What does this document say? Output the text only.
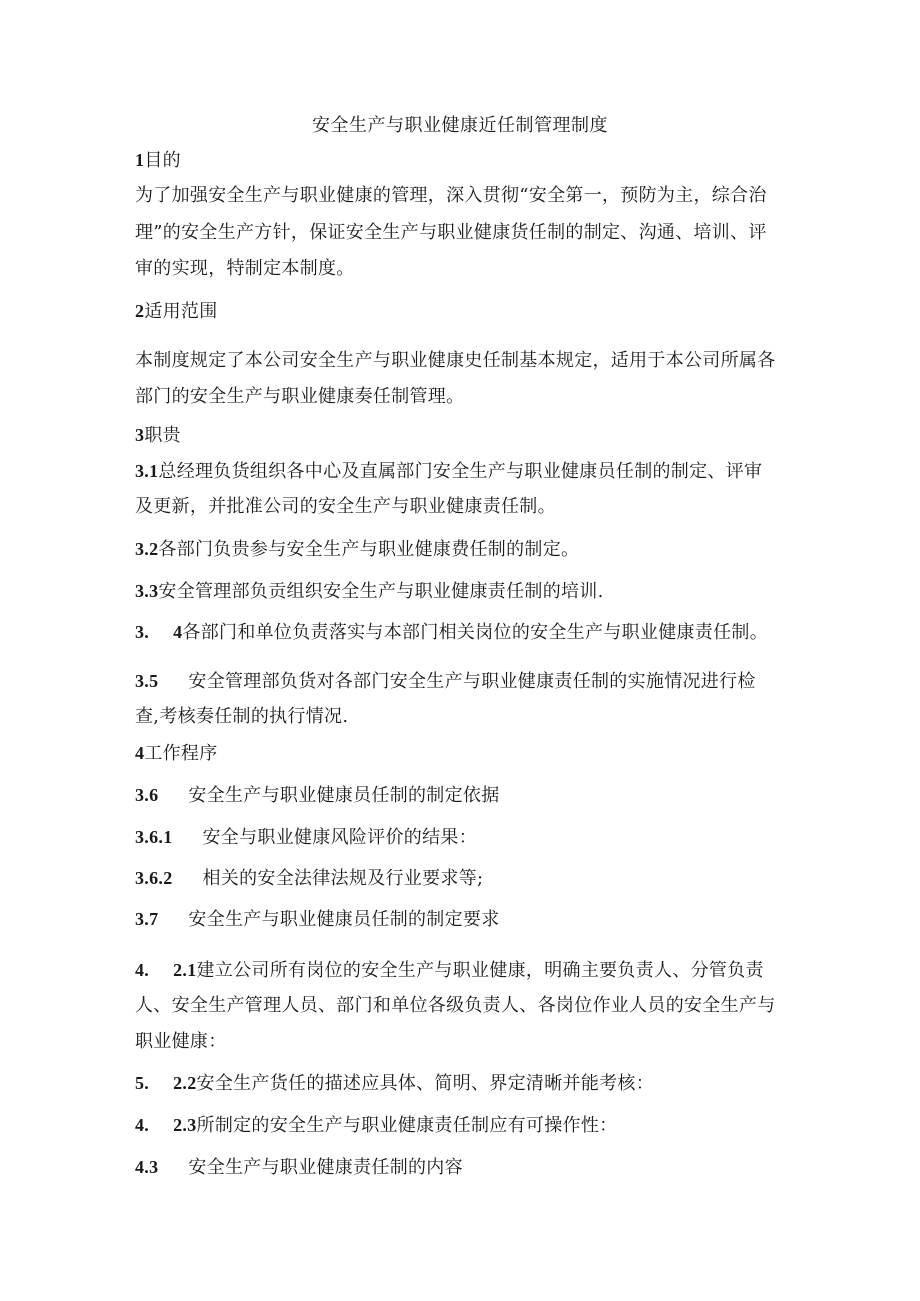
安全生产与职业健康近任制管理制度
1目的
为了加强安全生产与职业健康的管理，深入贯彻“安全第一，预防为主，综合治
理”的安全生产方针，保证安全生产与职业健康货任制的制定、沟通、培训、评
审的实现，特制定本制度。
2适用范围
本制度规定了本公司安全生产与职业健康史任制基本规定，适用于本公司所属各
部门的安全生产与职业健康奏任制管理。
3职贵
3.1总经理负货组织各中心及直属部门安全生产与职业健康员任制的制定、评审
及更新，并批准公司的安全生产与职业健康责任制。
3.2各部门负贵参与安全生产与职业健康费任制的制定。
3.3安全管理部负贡组织安全生产与职业健康责任制的培训.
3. 4各部门和单位负责落实与本部门相关岗位的安全生产与职业健康责任制。
3.5 安全管理部负货对各部门安全生产与职业健康责任制的实施情况进行检
查,考核奏任制的执行情况.
4工作程序
3.6 安全生产与职业健康员任制的制定依据
3.6.1 安全与职业健康风险评价的结果：
3.6.2 相关的安全法律法规及行业要求等;
3.7 安全生产与职业健康员任制的制定要求
4. 2.1建立公司所有岗位的安全生产与职业健康，明确主要负责人、分管负责
人、安全生产管理人员、部门和单位各级负责人、各岗位作业人员的安全生产与
职业健康：
5. 2.2安全生产货任的描述应具体、简明、界定清晰并能考核：
4. 2.3所制定的安全生产与职业健康责任制应有可操作性：
4.3 安全生产与职业健康责任制的内容
